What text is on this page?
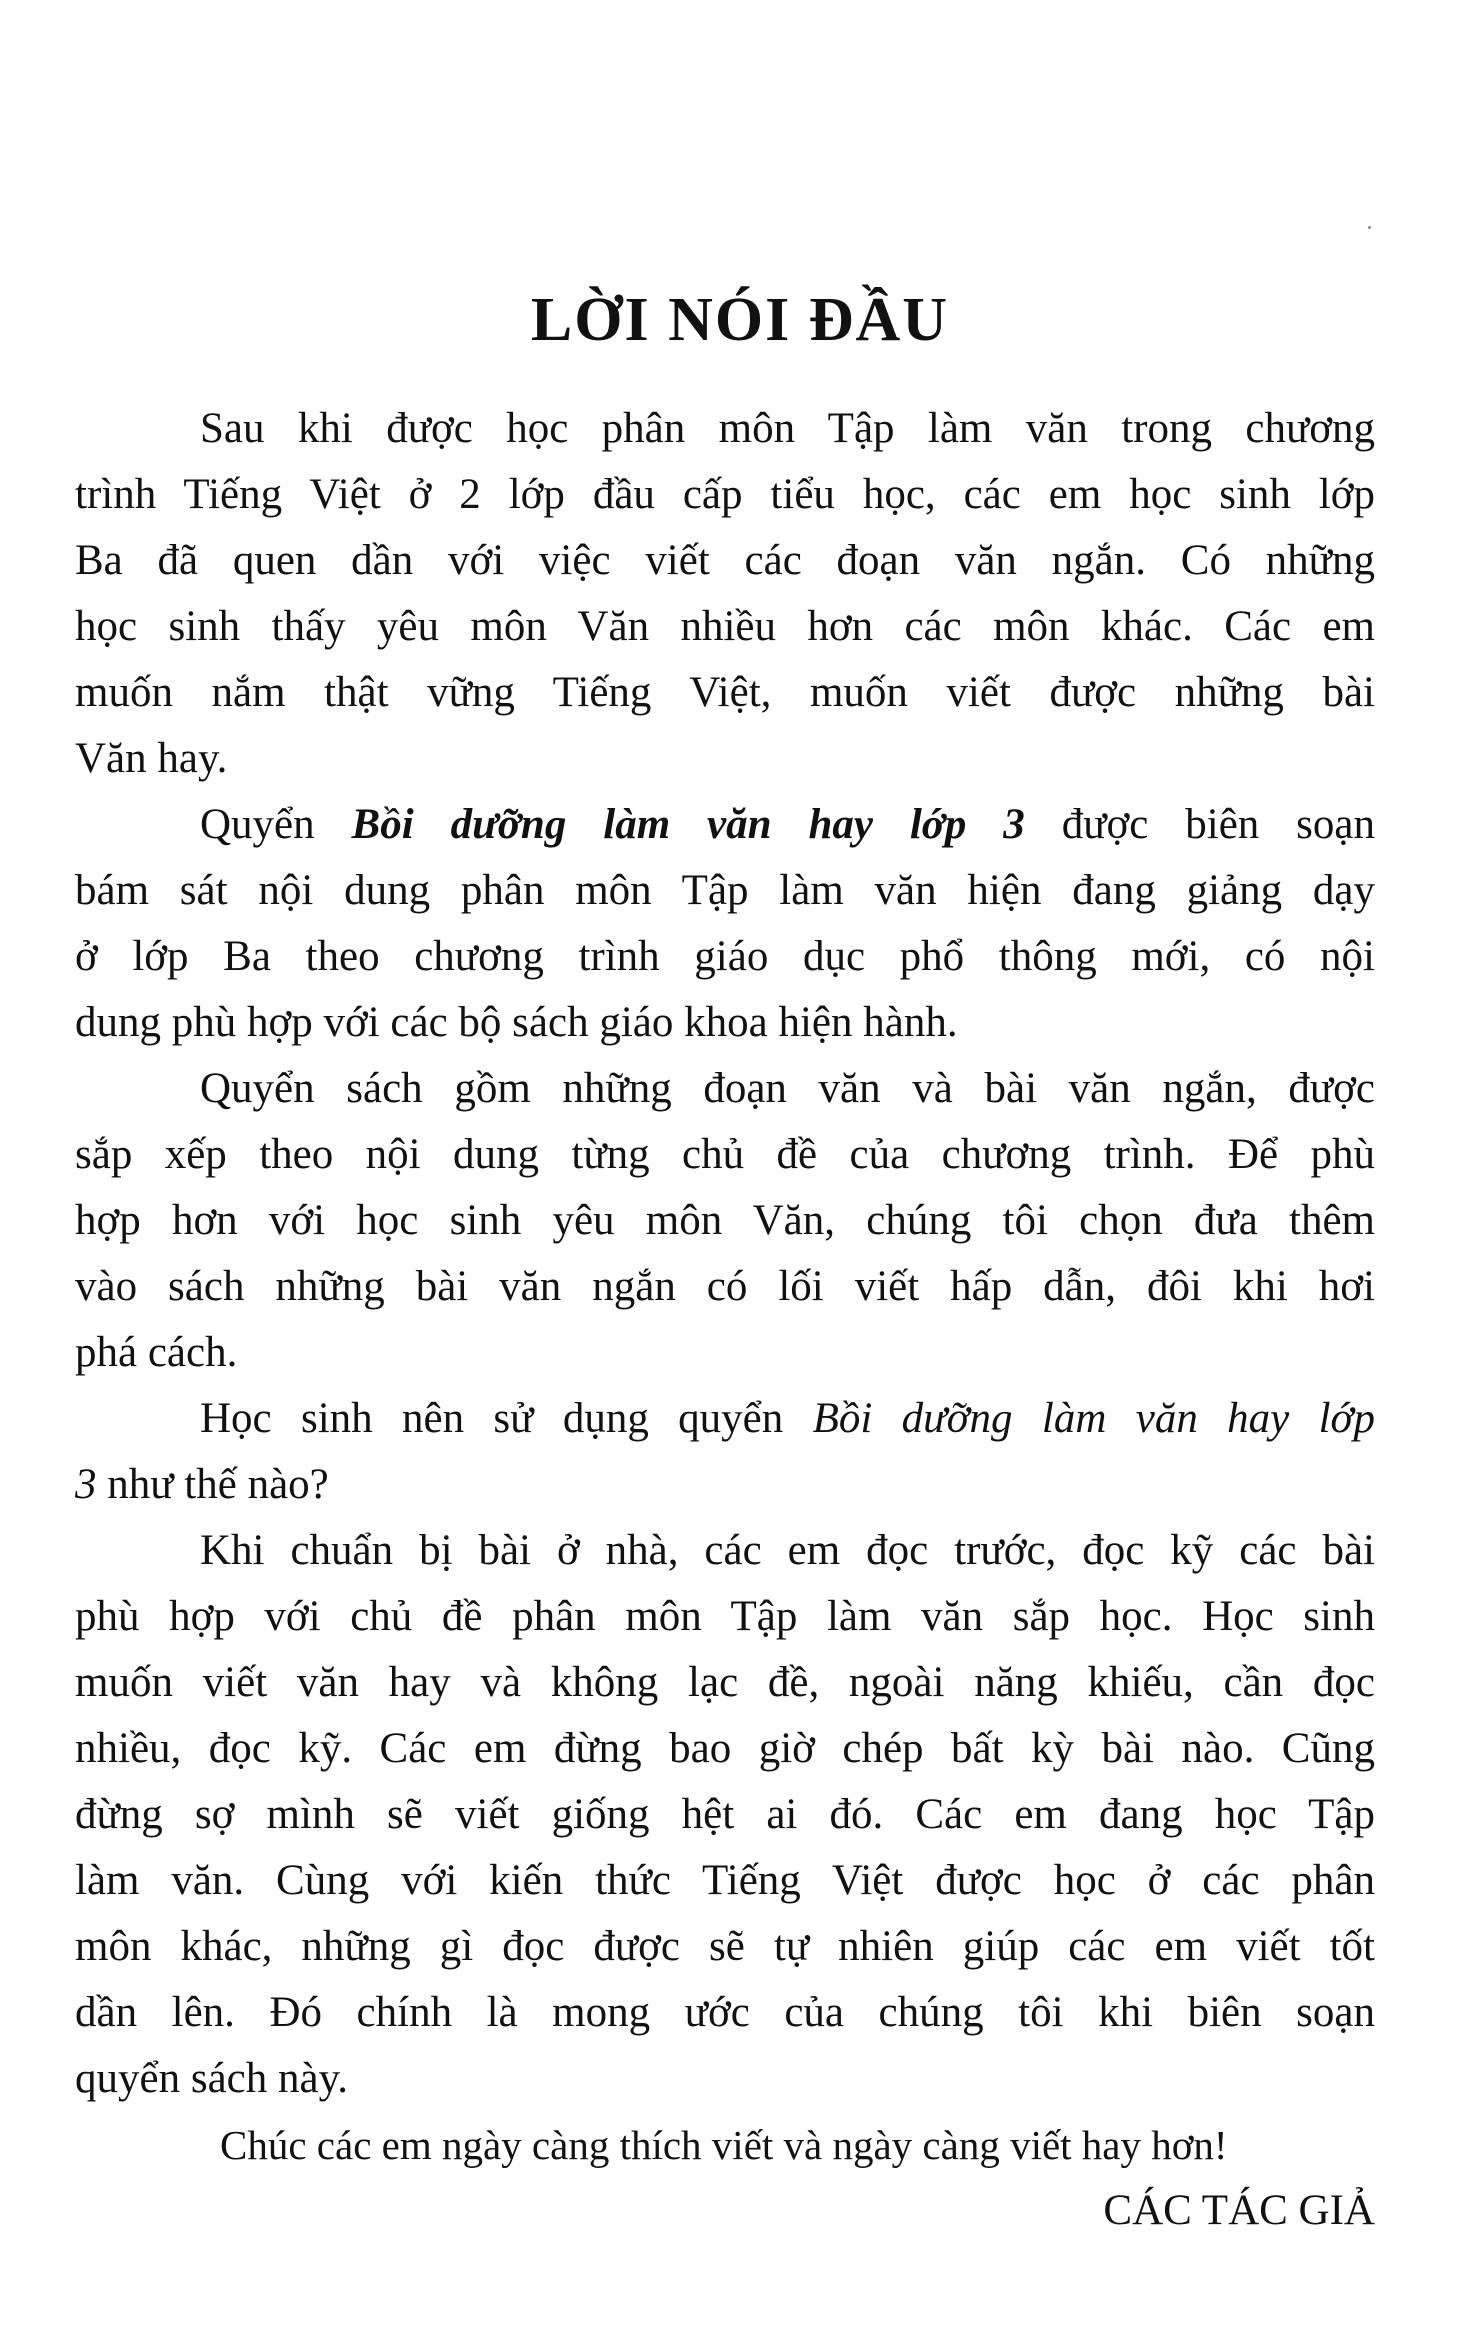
LỜI NÓI ĐẦU
Sau khi được học phân môn Tập làm văn trong chương
trình Tiếng Việt ở 2 lớp đầu cấp tiểu học, các em học sinh lớp
Ba đã quen dần với việc viết các đoạn văn ngắn. Có những
học sinh thấy yêu môn Văn nhiều hơn các môn khác. Các em
muốn nắm thật vững Tiếng Việt, muốn viết được những bài
Văn hay.
Quyển Bồi dưỡng làm văn hay lớp 3 được biên soạn
bám sát nội dung phân môn Tập làm văn hiện đang giảng dạy
ở lớp Ba theo chương trình giáo dục phổ thông mới, có nội
dung phù hợp với các bộ sách giáo khoa hiện hành.
Quyển sách gồm những đoạn văn và bài văn ngắn, được
sắp xếp theo nội dung từng chủ đề của chương trình. Để phù
hợp hơn với học sinh yêu môn Văn, chúng tôi chọn đưa thêm
vào sách những bài văn ngắn có lối viết hấp dẫn, đôi khi hơi
phá cách.
Học sinh nên sử dụng quyển Bồi dưỡng làm văn hay lớp
3 như thế nào?
Khi chuẩn bị bài ở nhà, các em đọc trước, đọc kỹ các bài
phù hợp với chủ đề phân môn Tập làm văn sắp học. Học sinh
muốn viết văn hay và không lạc đề, ngoài năng khiếu, cần đọc
nhiều, đọc kỹ. Các em đừng bao giờ chép bất kỳ bài nào. Cũng
đừng sợ mình sẽ viết giống hệt ai đó. Các em đang học Tập
làm văn. Cùng với kiến thức Tiếng Việt được học ở các phân
môn khác, những gì đọc được sẽ tự nhiên giúp các em viết tốt
dần lên. Đó chính là mong ước của chúng tôi khi biên soạn
quyển sách này.
Chúc các em ngày càng thích viết và ngày càng viết hay hơn!
CÁC TÁC GIẢ
